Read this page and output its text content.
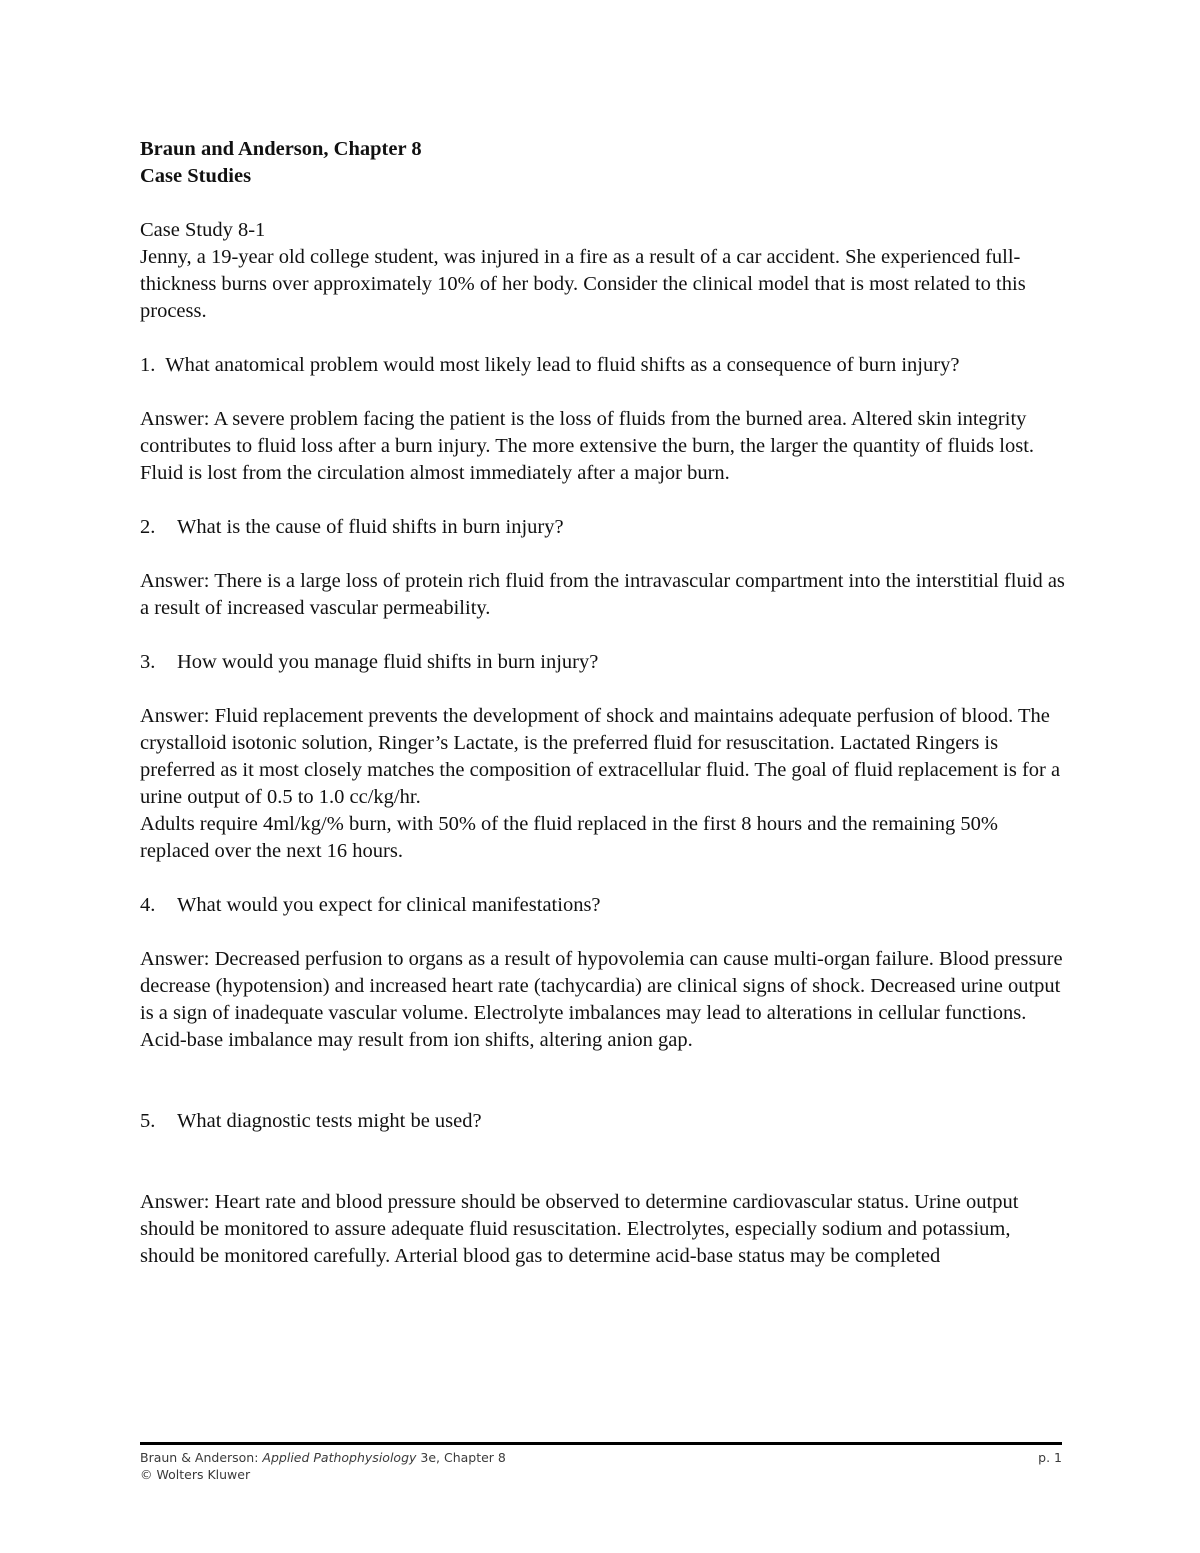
Braun and Anderson, Chapter 8

Case Studies

Case Study 8-1

Jenny, a 19-year old college student, was injured in a fire as a result of a car accident. She experienced full-thickness burns over approximately 10% of her body. Consider the clinical model that is most related to this process.

1. What anatomical problem would most likely lead to fluid shifts as a consequence of burn injury?

Answer: A severe problem facing the patient is the loss of fluids from the burned area. Altered skin integrity contributes to fluid loss after a burn injury. The more extensive the burn, the larger the quantity of fluids lost. Fluid is lost from the circulation almost immediately after a major burn.

2.	What is the cause of fluid shifts in burn injury?

Answer: There is a large loss of protein rich fluid from the intravascular compartment into the interstitial fluid as a result of increased vascular permeability.

3.	How would you manage fluid shifts in burn injury?

Answer: Fluid replacement prevents the development of shock and maintains adequate perfusion of blood. The crystalloid isotonic solution, Ringer’s Lactate, is the preferred fluid for resuscitation. Lactated Ringers is preferred as it most closely matches the composition of extracellular fluid. The goal of fluid replacement is for a urine output of 0.5 to 1.0 cc/kg/hr.

Adults require 4ml/kg/% burn, with 50% of the fluid replaced in the first 8 hours and the remaining 50% replaced over the next 16 hours.

4.	What would you expect for clinical manifestations?

Answer: Decreased perfusion to organs as a result of hypovolemia can cause multi-organ failure. Blood pressure decrease (hypotension) and increased heart rate (tachycardia) are clinical signs of shock. Decreased urine output is a sign of inadequate vascular volume. Electrolyte imbalances may lead to alterations in cellular functions. Acid-base imbalance may result from ion shifts, altering anion gap.

5.	What diagnostic tests might be used?

Answer: Heart rate and blood pressure should be observed to determine cardiovascular status. Urine output should be monitored to assure adequate fluid resuscitation. Electrolytes, especially sodium and potassium, should be monitored carefully. Arterial blood gas to determine acid-base status may be completed

Braun & Anderson: Applied Pathophysiology 3e, Chapter 8	p. 1
© Wolters Kluwer
